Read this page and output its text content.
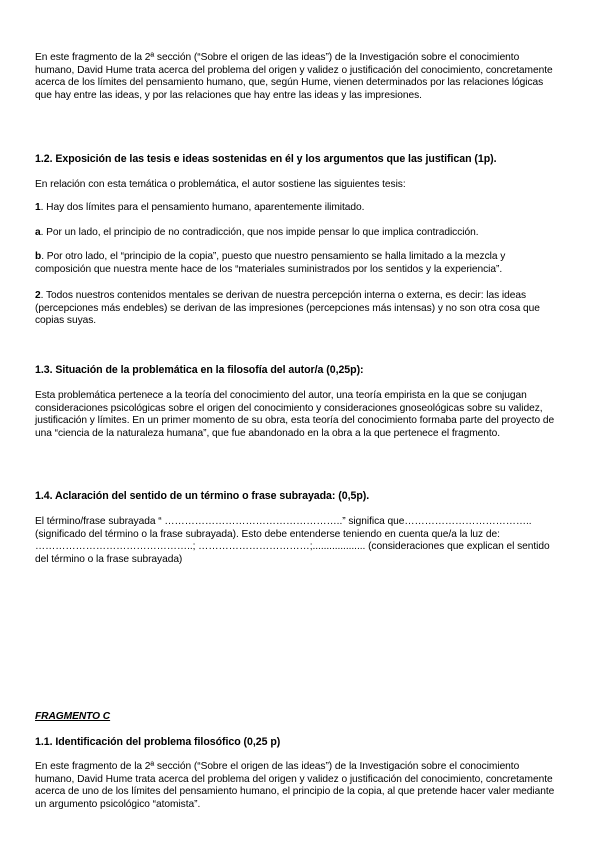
En este fragmento de la 2ª sección (“Sobre el origen de las ideas”) de la Investigación sobre el conocimiento humano, David Hume trata acerca del problema del origen y validez o justificación del conocimiento, concretamente acerca de los límites del pensamiento humano, que, según Hume, vienen determinados por las relaciones lógicas que hay entre las ideas, y por las relaciones que hay entre las ideas y las impresiones.
1.2. Exposición de las tesis e ideas sostenidas en él y los argumentos que las justifican (1p).
En relación con esta temática o problemática, el autor sostiene las siguientes tesis:
1. Hay dos límites para el pensamiento humano, aparentemente ilimitado.
a. Por un lado, el principio de no contradicción, que nos impide pensar lo que implica contradicción.
b. Por otro lado, el “principio de la copia”, puesto que nuestro pensamiento se halla limitado a la mezcla y composición que nuestra mente hace de los “materiales suministrados por los sentidos y la experiencia”.
2. Todos nuestros contenidos mentales se derivan de nuestra percepción interna o externa, es decir: las ideas (percepciones más endebles) se derivan de las impresiones (percepciones más intensas) y no son otra cosa que copias suyas.
1.3. Situación de la problemática en la filosofía del autor/a (0,25p):
Esta problemática pertenece a la teoría del conocimiento del autor, una teoría empirista en la que se conjugan consideraciones psicológicas sobre el origen del conocimiento y consideraciones gnoseológicas sobre su validez, justificación y límites. En un primer momento de su obra, esta teoría del conocimiento formaba parte del proyecto de una “ciencia de la naturaleza humana”, que fue abandonado en la obra a la que pertenece el fragmento.
1.4. Aclaración del sentido de un término o frase subrayada: (0,5p).
El término/frase subrayada “ ……………………………………………..” significa que………………………………..(significado del término o la frase subrayada). Esto debe entenderse teniendo en cuenta que/a la luz de: ………………………………………..; ……………………………;................... (consideraciones que explican el sentido del término o la frase subrayada)
FRAGMENTO C
1.1. Identificación del problema filosófico (0,25 p)
En este fragmento de la 2ª sección (“Sobre el origen de las ideas”) de la Investigación sobre el conocimiento humano, David Hume trata acerca del problema del origen y validez o justificación del conocimiento, concretamente acerca de uno de los límites del pensamiento humano, el principio de la copia, al que pretende hacer valer mediante un argumento psicológico “atomista”.
